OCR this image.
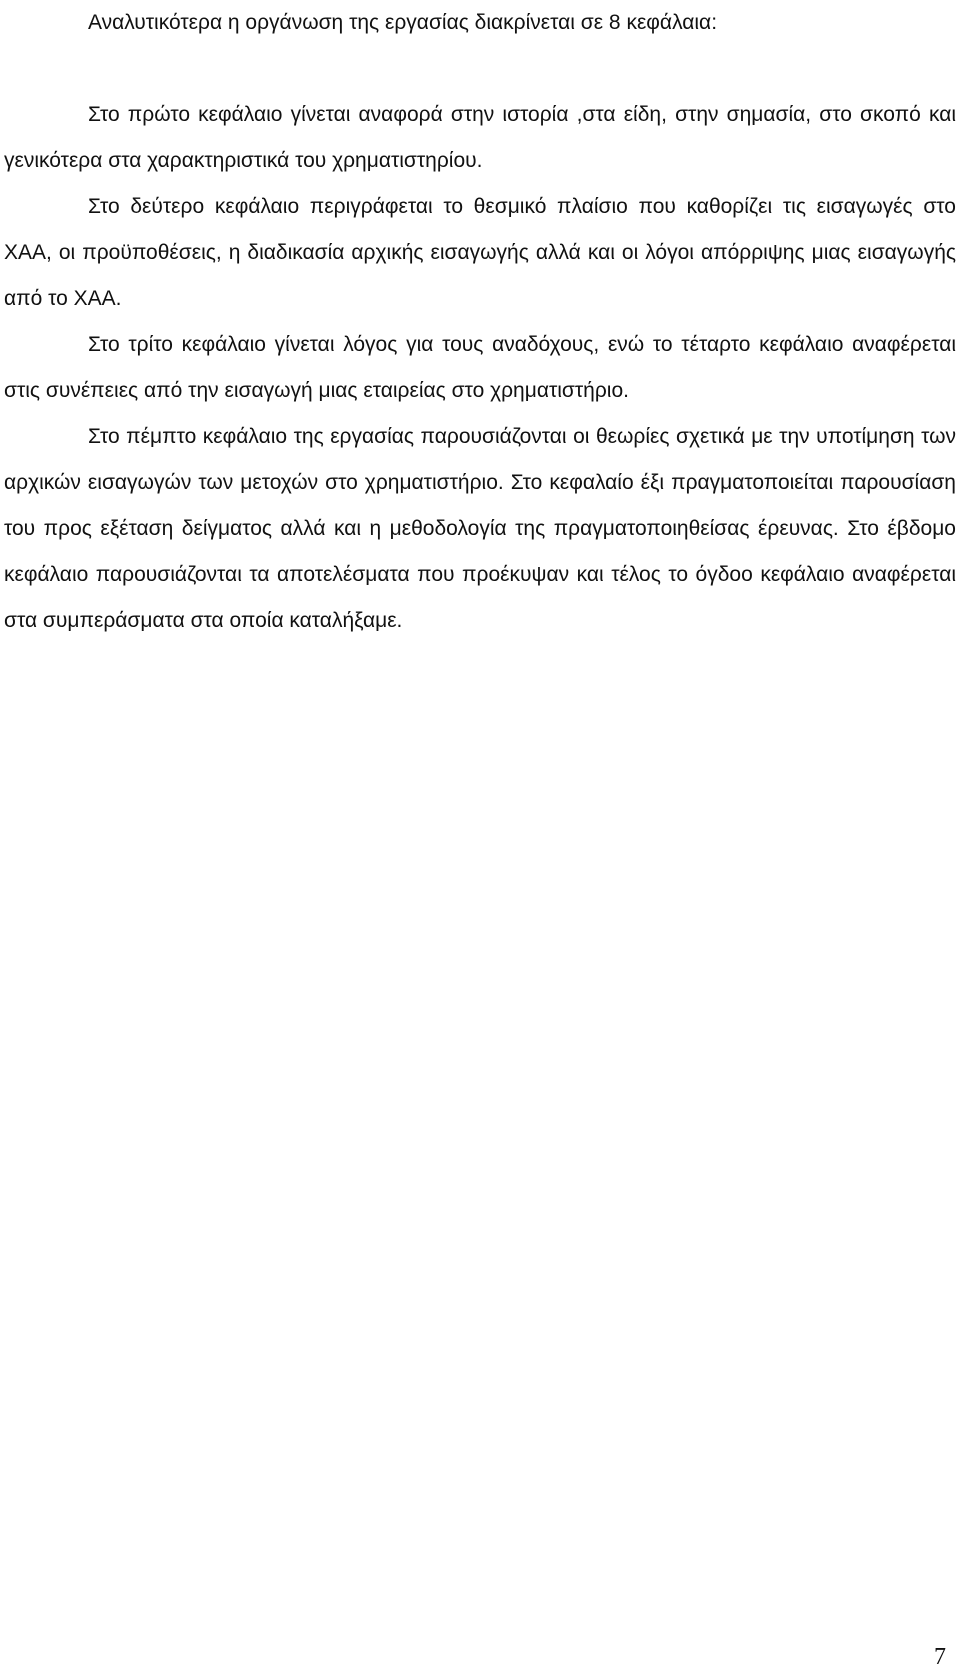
Αναλυτικότερα η οργάνωση της εργασίας διακρίνεται σε 8 κεφάλαια:

Στο πρώτο κεφάλαιο γίνεται αναφορά στην ιστορία ,στα είδη, στην σημασία, στο σκοπό και γενικότερα στα χαρακτηριστικά του χρηματιστηρίου.

Στο δεύτερο κεφάλαιο περιγράφεται το θεσμικό πλαίσιο που καθορίζει τις εισαγωγές στο ΧΑΑ, οι προϋποθέσεις, η διαδικασία αρχικής εισαγωγής αλλά και οι λόγοι απόρριψης μιας εισαγωγής από το ΧΑΑ.

Στο τρίτο κεφάλαιο γίνεται λόγος για τους αναδόχους, ενώ το τέταρτο κεφάλαιο αναφέρεται στις συνέπειες από την εισαγωγή μιας εταιρείας στο χρηματιστήριο.

Στο πέμπτο κεφάλαιο της εργασίας παρουσιάζονται οι θεωρίες σχετικά με την υποτίμηση των αρχικών εισαγωγών των μετοχών στο χρηματιστήριο. Στο κεφαλαίο έξι πραγματοποιείται παρουσίαση του προς εξέταση δείγματος αλλά και η μεθοδολογία της πραγματοποιηθείσας έρευνας. Στο έβδομο κεφάλαιο παρουσιάζονται τα αποτελέσματα που προέκυψαν και τέλος το όγδοο κεφάλαιο αναφέρεται στα συμπεράσματα στα οποία καταλήξαμε.

7
